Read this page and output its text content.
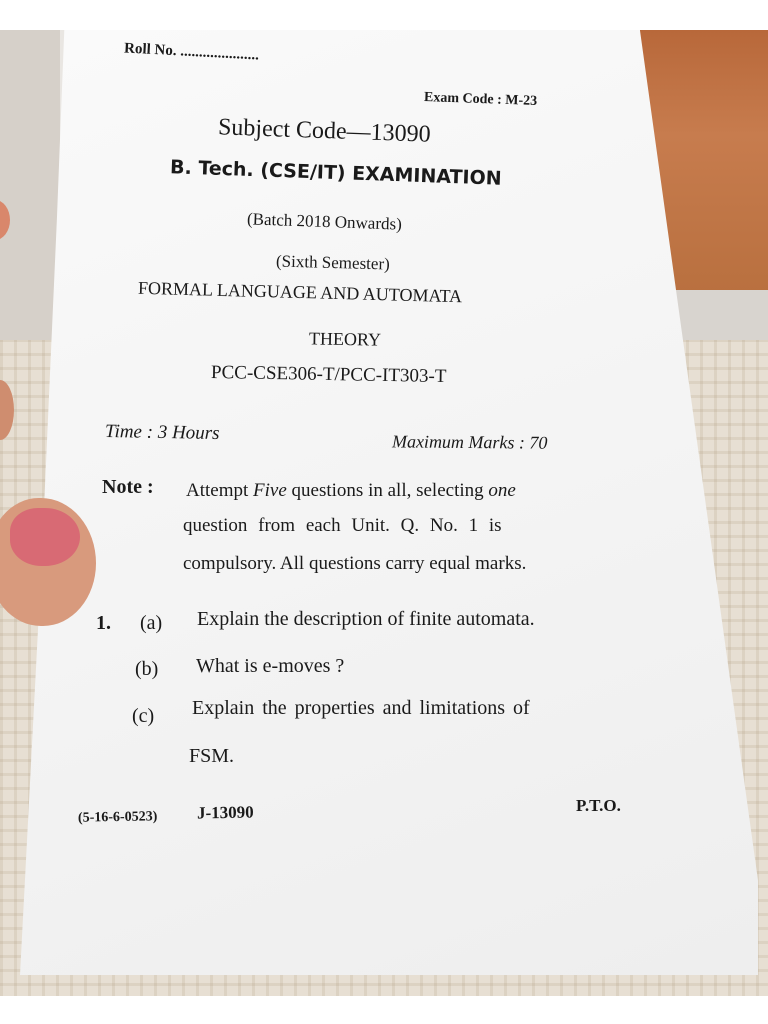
Roll No. .....................
Exam Code : M-23
Subject Code—13090
B. Tech. (CSE/IT) EXAMINATION
(Batch 2018 Onwards)
(Sixth Semester)
FORMAL LANGUAGE AND AUTOMATA
THEORY
PCC-CSE306-T/PCC-IT303-T
Time : 3 Hours	Maximum Marks : 70
Note : Attempt Five questions in all, selecting one
question from each Unit. Q. No. 1 is
compulsory. All questions carry equal marks.
1. (a) Explain the description of finite automata.
(b) What is e-moves ?
(c) Explain the properties and limitations of
FSM.
(5-16-6-0523) J-13090	P.T.O.
